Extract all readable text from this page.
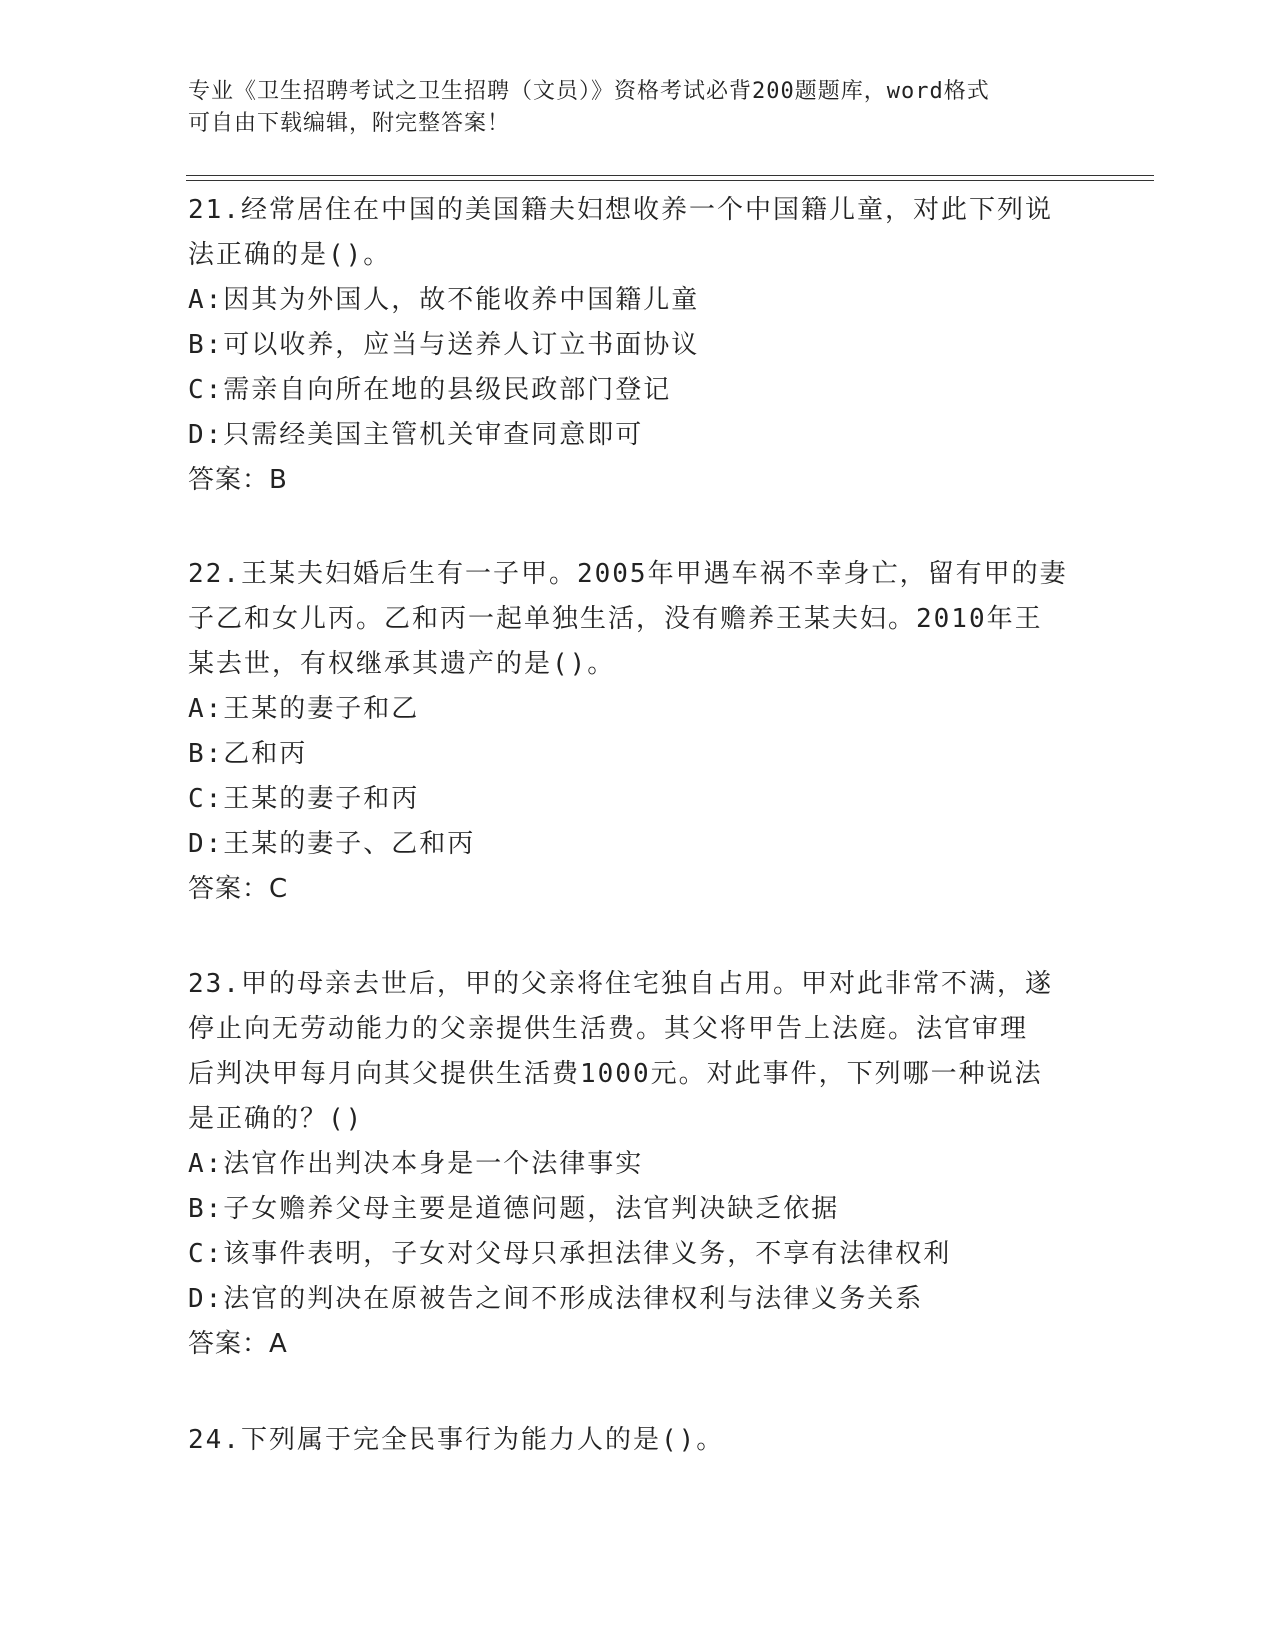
专业《卫生招聘考试之卫生招聘（文员）》资格考试必背200题题库，word格式
可自由下载编辑，附完整答案！
21.经常居住在中国的美国籍夫妇想收养一个中国籍儿童，对此下列说
法正确的是()。
A:因其为外国人，故不能收养中国籍儿童
B:可以收养，应当与送养人订立书面协议
C:需亲自向所在地的县级民政部门登记
D:只需经美国主管机关审查同意即可
答案：B
22.王某夫妇婚后生有一子甲。2005年甲遇车祸不幸身亡，留有甲的妻
子乙和女儿丙。乙和丙一起单独生活，没有赡养王某夫妇。2010年王
某去世，有权继承其遗产的是()。
A:王某的妻子和乙
B:乙和丙
C:王某的妻子和丙
D:王某的妻子、乙和丙
答案：C
23.甲的母亲去世后，甲的父亲将住宅独自占用。甲对此非常不满，遂
停止向无劳动能力的父亲提供生活费。其父将甲告上法庭。法官审理
后判决甲每月向其父提供生活费1000元。对此事件，下列哪一种说法
是正确的？()
A:法官作出判决本身是一个法律事实
B:子女赡养父母主要是道德问题，法官判决缺乏依据
C:该事件表明，子女对父母只承担法律义务，不享有法律权利
D:法官的判决在原被告之间不形成法律权利与法律义务关系
答案：A
24.下列属于完全民事行为能力人的是()。
